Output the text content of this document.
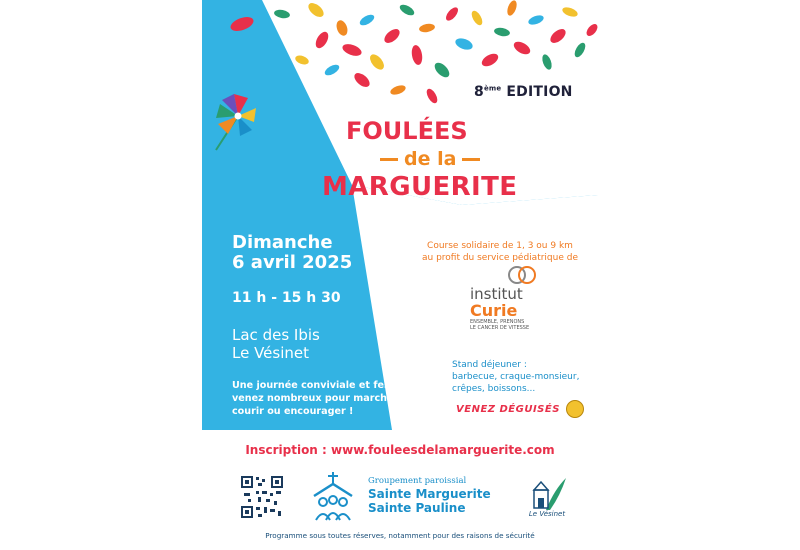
8ème EDITION
FOULÉES
de la
MARGUERITE
Dimanche
6 avril 2025
11 h - 15 h 30
Lac des Ibis
Le Vésinet
Une journée conviviale et festive :
venez nombreux pour marcher,
courir ou encourager !
Course solidaire de 1, 3 ou 9 km
au profit du service pédiatrique de
institut
Curie
ENSEMBLE, PRENONS
LE CANCER DE VITESSE
Stand déjeuner :
barbecue, craque-monsieur,
crêpes, boissons...
VENEZ DÉGUISÉS
Inscription : www.fouleesdelamarguerite.com
Groupement paroissial
Sainte Marguerite
Sainte Pauline	Le Vésinet
Programme sous toutes réserves, notamment pour des raisons de sécurité
